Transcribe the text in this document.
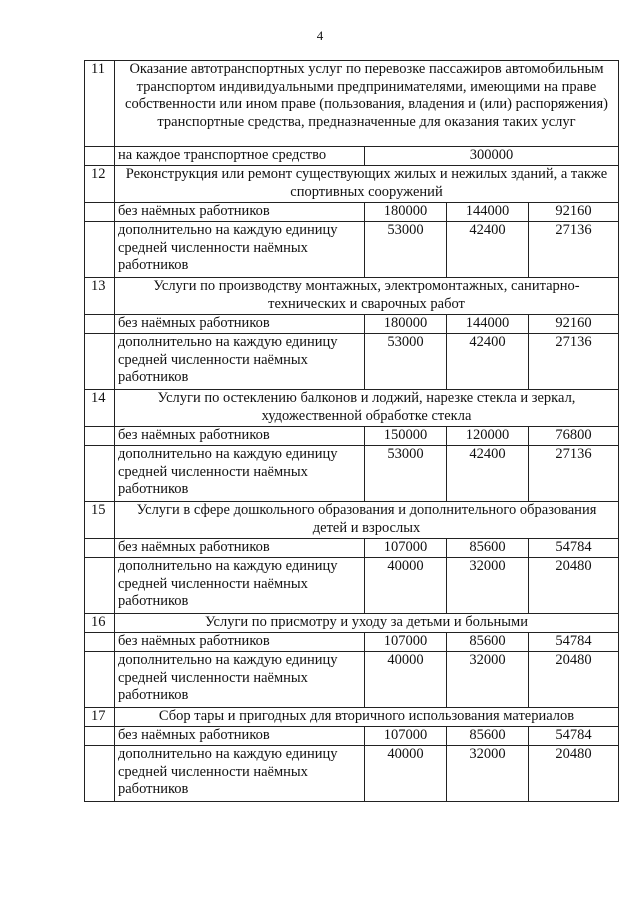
4
11	Оказание автотранспортных услуг по перевозке пассажиров автомобильным транспортом индивидуальными предпринимателями, имеющими на праве собственности или ином праве (пользования, владения и (или) распоряжения) транспортные средства, предназначенные для оказания таких услуг			
	на каждое транспортное средство	300000		
12	Реконструкция или ремонт существующих жилых и нежилых зданий, а также спортивных сооружений			
	без наёмных работников	180000	144000	92160
	дополнительно на каждую единицу средней численности наёмных работников	53000	42400	27136
13	Услуги по производству монтажных, электромонтажных, санитарно-технических и сварочных работ			
	без наёмных работников	180000	144000	92160
	дополнительно на каждую единицу средней численности наёмных работников	53000	42400	27136
14	Услуги по остеклению балконов и лоджий, нарезке стекла и зеркал, художественной обработке стекла			
	без наёмных работников	150000	120000	76800
	дополнительно на каждую единицу средней численности наёмных работников	53000	42400	27136
15	Услуги в сфере дошкольного образования и дополнительного образования детей и взрослых			
	без наёмных работников	107000	85600	54784
	дополнительно на каждую единицу средней численности наёмных работников	40000	32000	20480
16	Услуги по присмотру и уходу за детьми и больными			
	без наёмных работников	107000	85600	54784
	дополнительно на каждую единицу средней численности наёмных работников	40000	32000	20480
17	Сбор тары и пригодных для вторичного использования материалов			
	без наёмных работников	107000	85600	54784
	дополнительно на каждую единицу средней численности наёмных работников	40000	32000	20480
